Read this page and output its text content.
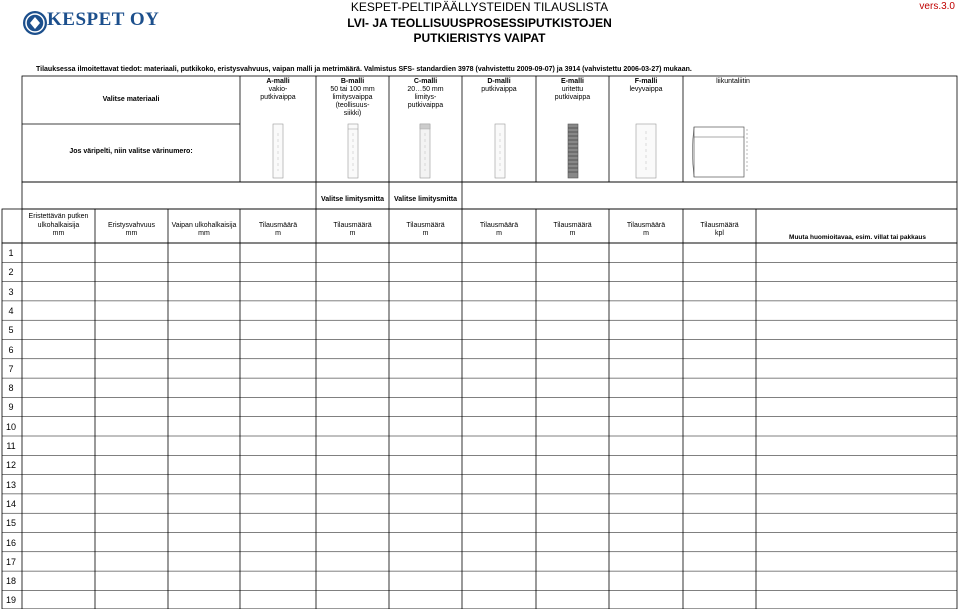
KESPET OY
KESPET-PELTIPÄÄLLYSTEIDEN TILAUSLISTA
LVI- JA TEOLLISUUSPROSESSIPUTKISTOJEN
PUTKIERISTYS VAIPAT
vers.3.0
Tilauksessa ilmoitettavat tiedot: materiaali, putkikoko, eristysvahvuus, vaipan malli ja metrimäärä. Valmistus SFS- standardien 3978 (vahvistettu 2009-09-07) ja 3914 (vahvistettu 2006-03-27) mukaan.
Valitse materiaali
Jos väripelti, niin valitse värinumero:
A-malli
vakio-
putkivaippa
B-malli
50 tai 100 mm
limitysvaippa
(teollisuus-
siikki)
C-malli
20…50 mm
limitys-
putkivaippa
D-malli
putkivaippa
E-malli
uritettu
putkivaippa
F-malli
levyvaippa
liikuntaliitin
Valitse limitysmitta	Valitse limitysmitta
Eristettävän putken
ulkohalkaisija
mm
Eristysvahvuus
mm
Vaipan ulkohalkaisija
mm
Tilausmäärä
m
Tilausmäärä
m
Tilausmäärä
m
Tilausmäärä
m
Tilausmäärä
m
Tilausmäärä
m
Tilausmäärä
kpl
Muuta huomioitavaa, esim. villat tai pakkaus
1
2
3
4
5
6
7
8
9
10
11
12
13
14
15
16
17
18
19
